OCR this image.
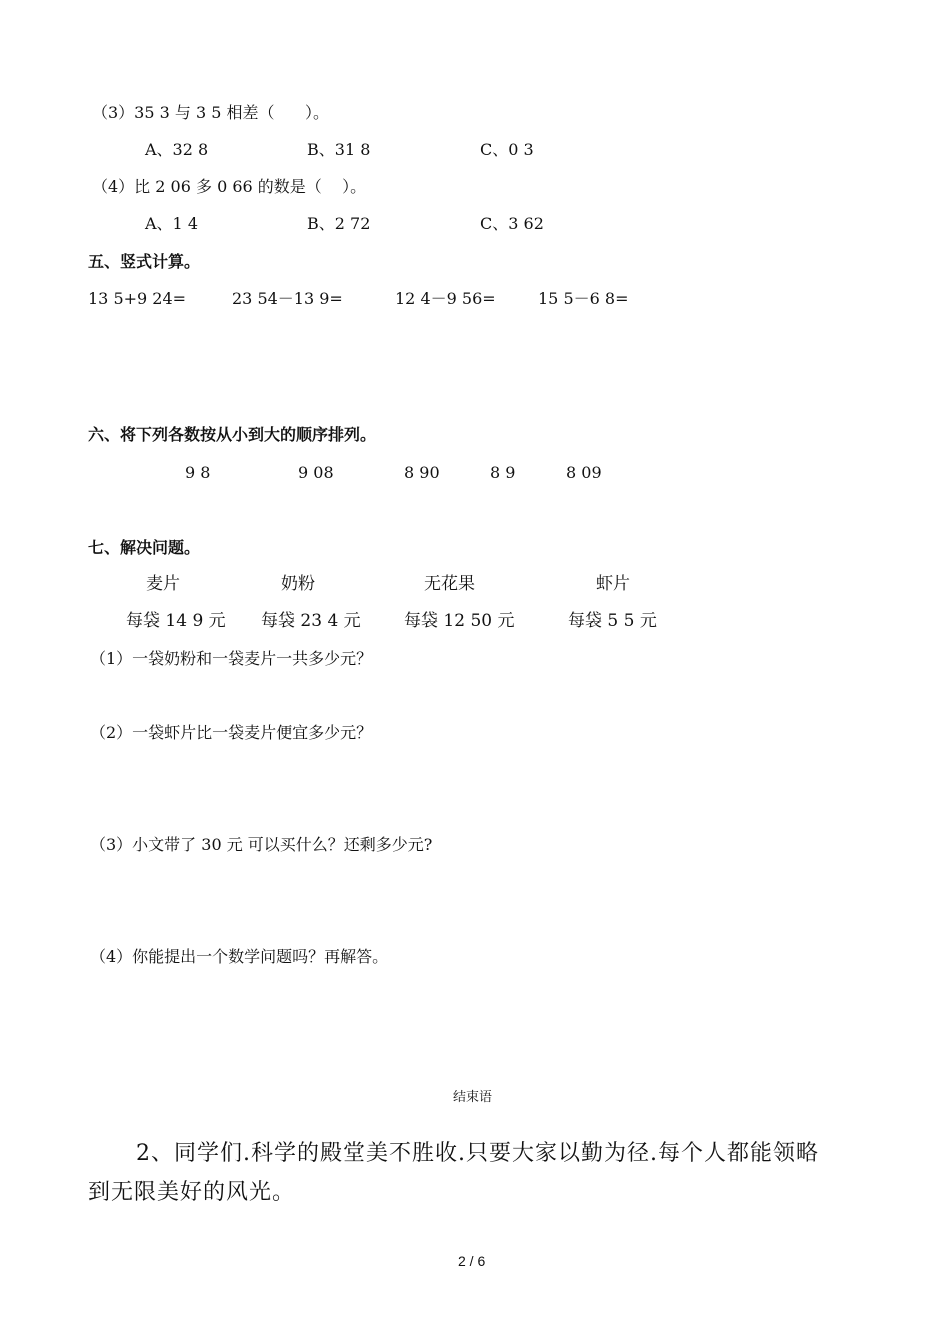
（3）35 3 与 3 5 相差（      ）。
A、32 8	B、31 8	C、0 3
（4）比 2 06 多 0 66 的数是（    ）。
A、1 4	B、2 72	C、3 62
五、竖式计算。
13 5+9 24=	23 54－13 9=	12 4－9 56=	15 5－6 8=
六、将下列各数按从小到大的顺序排列。
9 8	9 08	8 90	8 9	8 09
七、解决问题。
麦片	奶粉	无花果	虾片
每袋 14 9 元 每袋 23 4 元	每袋 12 50 元	每袋 5 5 元
（1）一袋奶粉和一袋麦片一共多少元？
（2）一袋虾片比一袋麦片便宜多少元？
（3）小文带了 30 元 可以买什么？还剩多少元?
（4）你能提出一个数学问题吗？再解答。
结束语
2、同学们.科学的殿堂美不胜收.只要大家以勤为径.每个人都能领略
到无限美好的风光。
2 / 6
